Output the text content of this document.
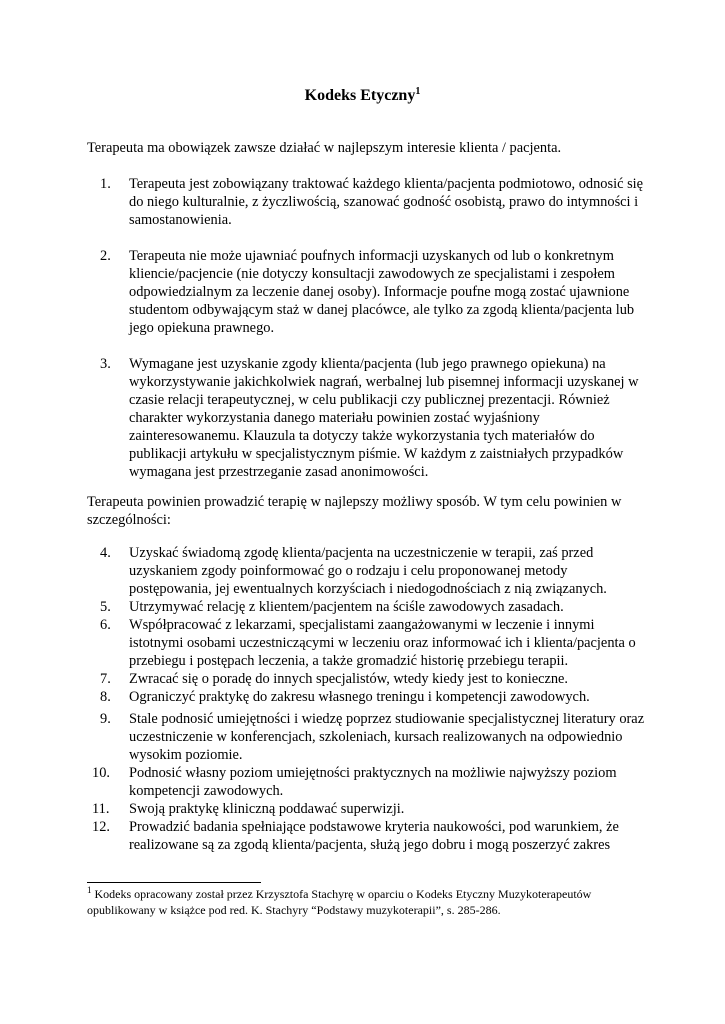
Kodeks Etyczny$^1$
Terapeuta ma obowiązek zawsze działać w najlepszym interesie klienta / pacjenta.
1.	Terapeuta jest zobowiązany traktować każdego klienta/pacjenta podmiotowo, odnosić się do niego kulturalnie, z życzliwością, szanować godność osobistą, prawo do intymności i samostanowienia.
2.	Terapeuta nie może ujawniać poufnych informacji uzyskanych od lub o konkretnym kliencie/pacjencie (nie dotyczy konsultacji zawodowych ze specjalistami i zespołem odpowiedzialnym za leczenie danej osoby). Informacje poufne mogą zostać ujawnione studentom odbywającym staż w danej placówce, ale tylko za zgodą klienta/pacjenta lub jego opiekuna prawnego.
3.	Wymagane jest uzyskanie zgody klienta/pacjenta (lub jego prawnego opiekuna) na wykorzystywanie jakichkolwiek nagrań, werbalnej lub pisemnej informacji uzyskanej w czasie relacji terapeutycznej, w celu publikacji czy publicznej prezentacji. Również charakter wykorzystania danego materiału powinien zostać wyjaśniony zainteresowanemu. Klauzula ta dotyczy także wykorzystania tych materiałów do publikacji artykułu w specjalistycznym piśmie. W każdym z zaistniałych przypadków wymagana jest przestrzeganie zasad anonimowości.
Terapeuta powinien prowadzić terapię w najlepszy możliwy sposób. W tym celu powinien w szczególności:
4.	Uzyskać świadomą zgodę klienta/pacjenta na uczestniczenie w terapii, zaś przed uzyskaniem zgody poinformować go o rodzaju i celu proponowanej metody postępowania, jej ewentualnych korzyściach i niedogodnościach z nią związanych.
5.	Utrzymywać relację z klientem/pacjentem na ściśle zawodowych zasadach.
6.	Współpracować z lekarzami, specjalistami zaangażowanymi w leczenie i innymi istotnymi osobami uczestniczącymi w leczeniu oraz informować ich i klienta/pacjenta o przebiegu i postępach leczenia, a także gromadzić historię przebiegu terapii.
7.	Zwracać się o poradę do innych specjalistów, wtedy kiedy jest to konieczne.
8.	Ograniczyć praktykę do zakresu własnego treningu i kompetencji zawodowych.
9.	Stale podnosić umiejętności i wiedzę poprzez studiowanie specjalistycznej literatury oraz uczestniczenie w konferencjach, szkoleniach, kursach realizowanych na odpowiednio wysokim poziomie.
10.	Podnosić własny poziom umiejętności praktycznych na możliwie najwyższy poziom kompetencji zawodowych.
11.	Swoją praktykę kliniczną poddawać superwizji.
12.	Prowadzić badania spełniające podstawowe kryteria naukowości, pod warunkiem, że realizowane są za zgodą klienta/pacjenta, służą jego dobru i mogą poszerzyć zakres
$^1$ Kodeks opracowany został przez Krzysztofa Stachyrę w oparciu o Kodeks Etyczny Muzykoterapeutów opublikowany w książce pod red. K. Stachyry “Podstawy muzykoterapii”, s. 285-286.
